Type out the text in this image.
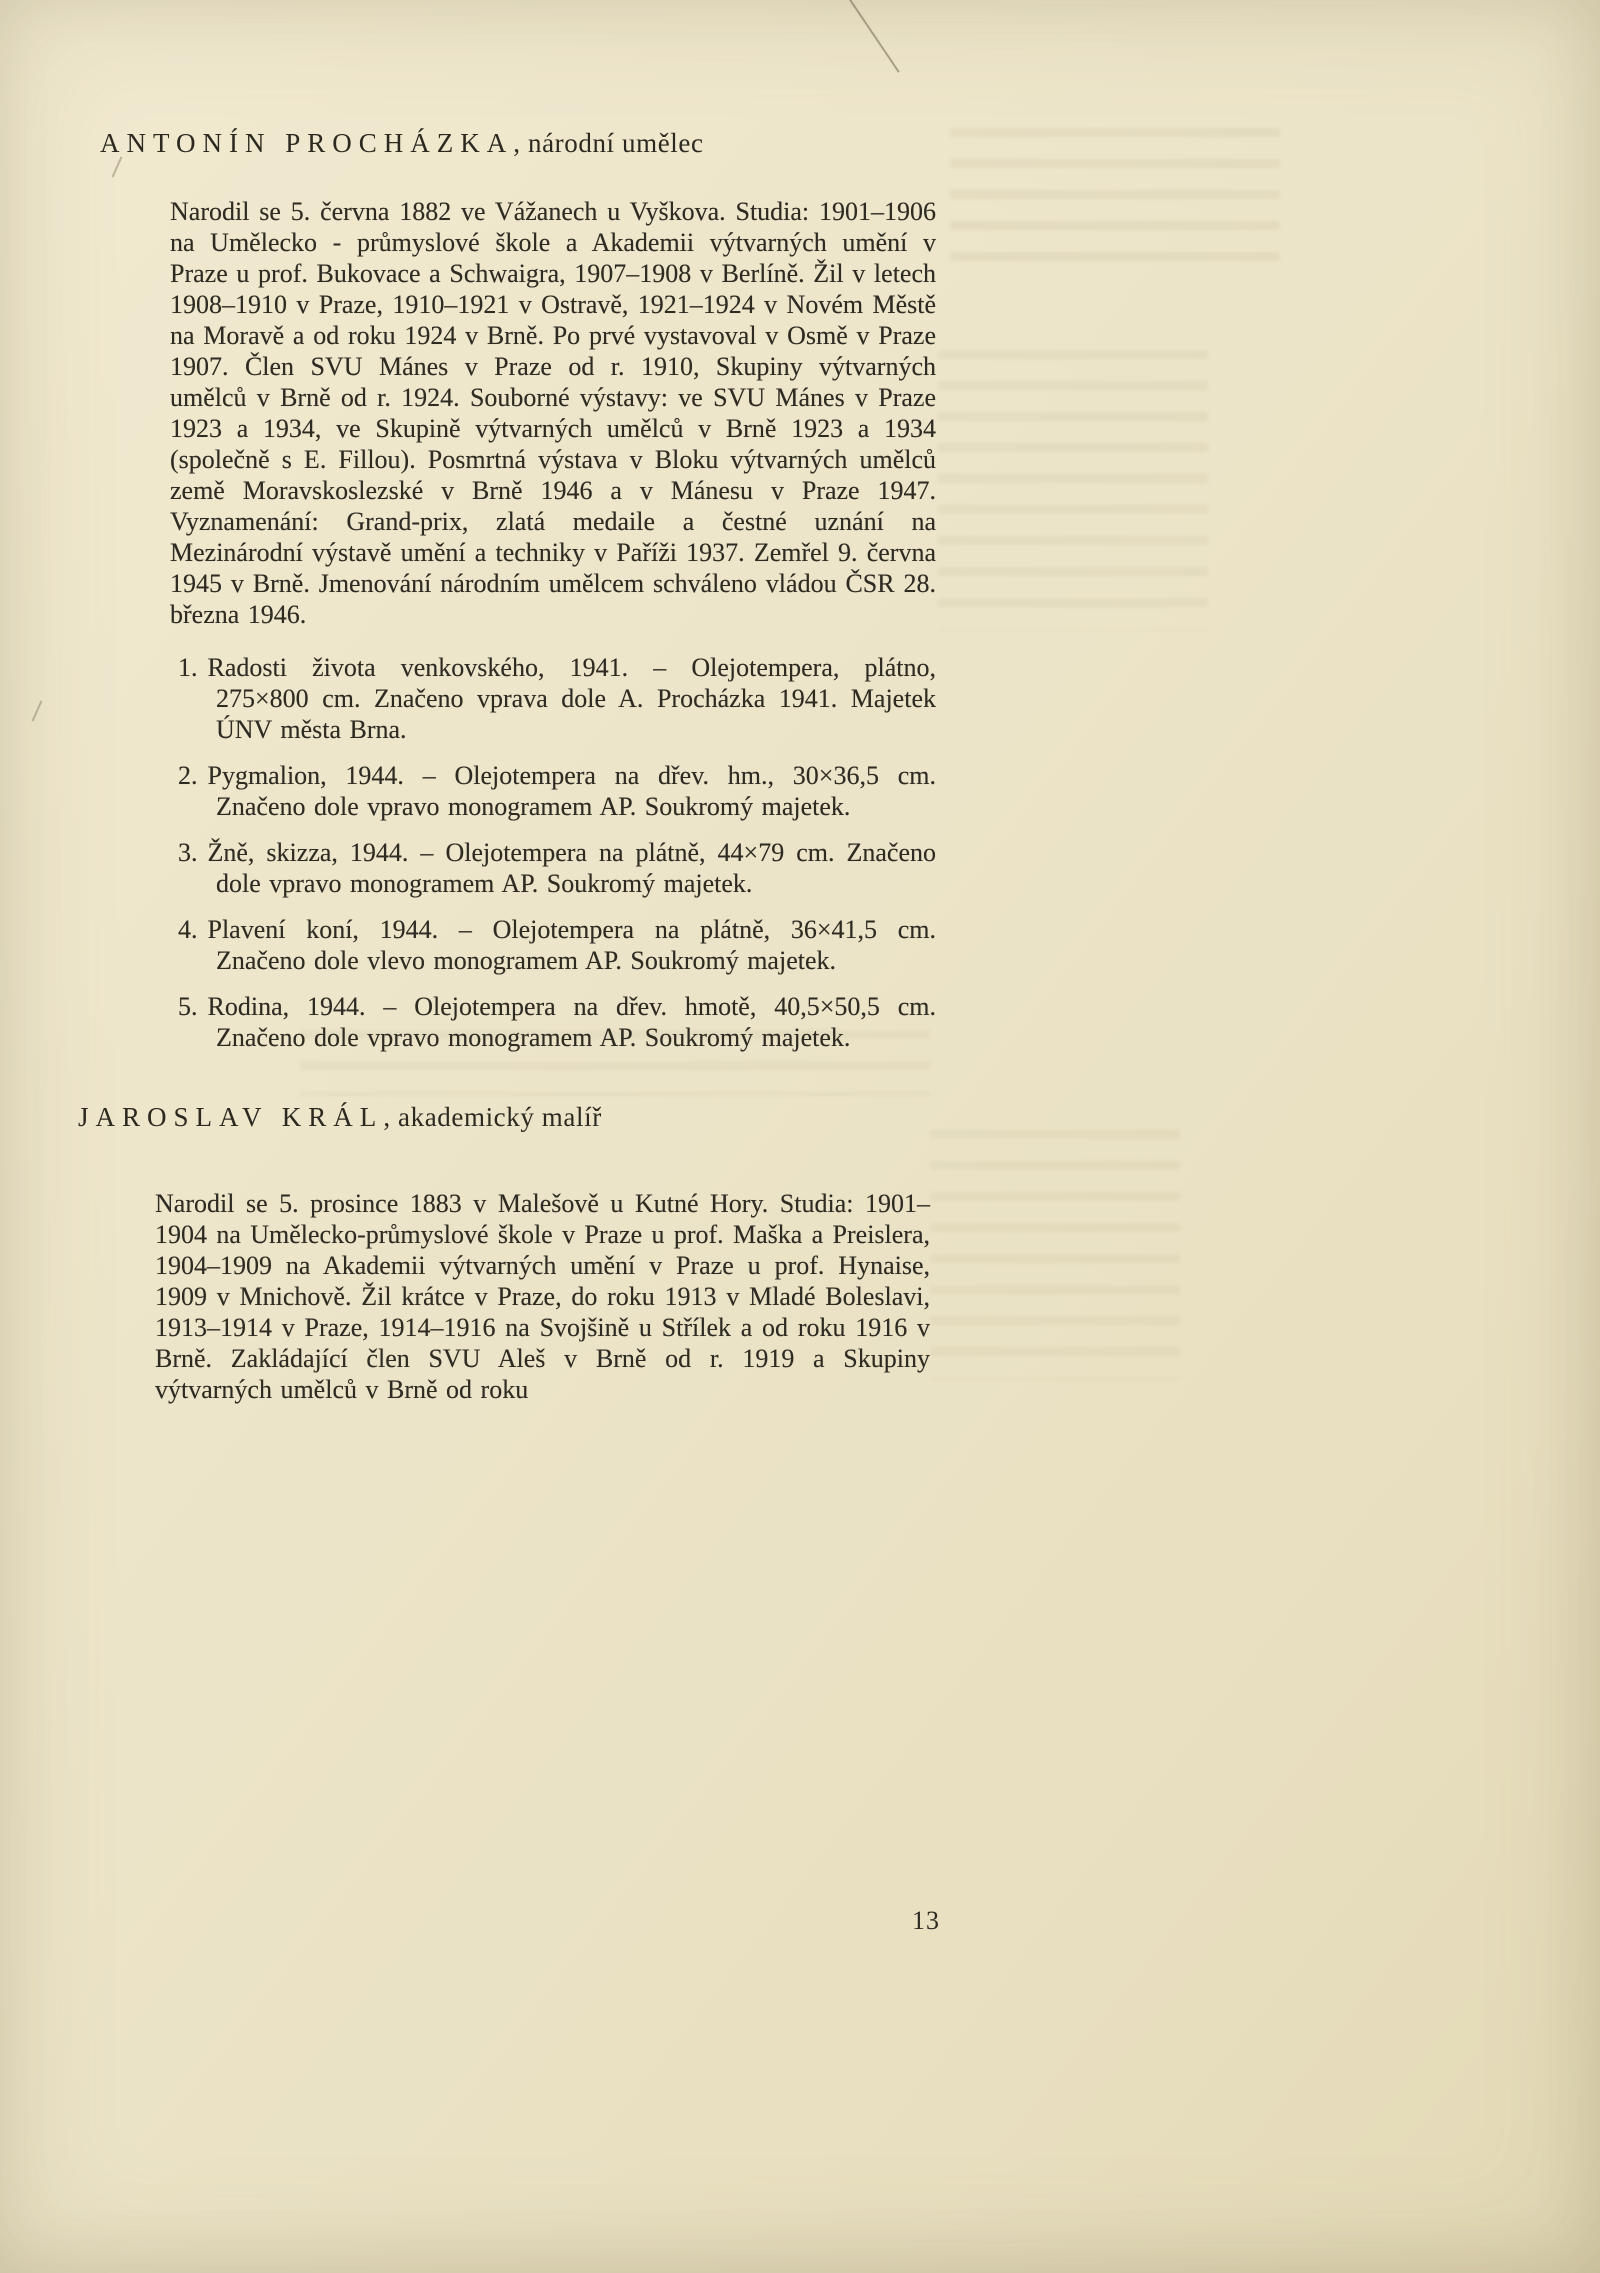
ANTONÍN PROCHÁZKA, národní umělec

Narodil se 5. června 1882 ve Vážanech u Vyškova. Studia: 1901–1906 na Umělecko - průmyslové škole a Akademii výtvarných umění v Praze u prof. Bukovace a Schwaigra, 1907–1908 v Berlíně. Žil v letech 1908–1910 v Praze, 1910–1921 v Ostravě, 1921–1924 v Novém Městě na Moravě a od roku 1924 v Brně. Po prvé vystavoval v Osmě v Praze 1907. Člen SVU Mánes v Praze od r. 1910, Skupiny výtvarných umělců v Brně od r. 1924. Souborné výstavy: ve SVU Mánes v Praze 1923 a 1934, ve Skupině výtvarných umělců v Brně 1923 a 1934 (společně s E. Fillou). Posmrtná výstava v Bloku výtvarných umělců země Moravskoslezské v Brně 1946 a v Mánesu v Praze 1947. Vyznamenání: Grand-prix, zlatá medaile a čestné uznání na Mezinárodní výstavě umění a techniky v Paříži 1937. Zemřel 9. června 1945 v Brně. Jmenování národním umělcem schváleno vládou ČSR 28. března 1946.

1. Radosti života venkovského, 1941. – Olejotempera, plátno, 275×800 cm. Značeno vprava dole A. Procházka 1941. Majetek ÚNV města Brna.
2. Pygmalion, 1944. – Olejotempera na dřev. hm., 30×36,5 cm. Značeno dole vpravo monogramem AP. Soukromý majetek.
3. Žně, skizza, 1944. – Olejotempera na plátně, 44×79 cm. Značeno dole vpravo monogramem AP. Soukromý majetek.
4. Plavení koní, 1944. – Olejotempera na plátně, 36×41,5 cm. Značeno dole vlevo monogramem AP. Soukromý majetek.
5. Rodina, 1944. – Olejotempera na dřev. hmotě, 40,5×50,5 cm. Značeno dole vpravo monogramem AP. Soukromý majetek.
JAROSLAV KRÁL, akademický malíř

Narodil se 5. prosince 1883 v Malešově u Kutné Hory. Studia: 1901–1904 na Umělecko-průmyslové škole v Praze u prof. Maška a Preislera, 1904–1909 na Akademii výtvarných umění v Praze u prof. Hynaise, 1909 v Mnichově. Žil krátce v Praze, do roku 1913 v Mladé Boleslavi, 1913–1914 v Praze, 1914–1916 na Svojšině u Střílek a od roku 1916 v Brně. Zakládající člen SVU Aleš v Brně od r. 1919 a Skupiny výtvarných umělců v Brně od roku

13
